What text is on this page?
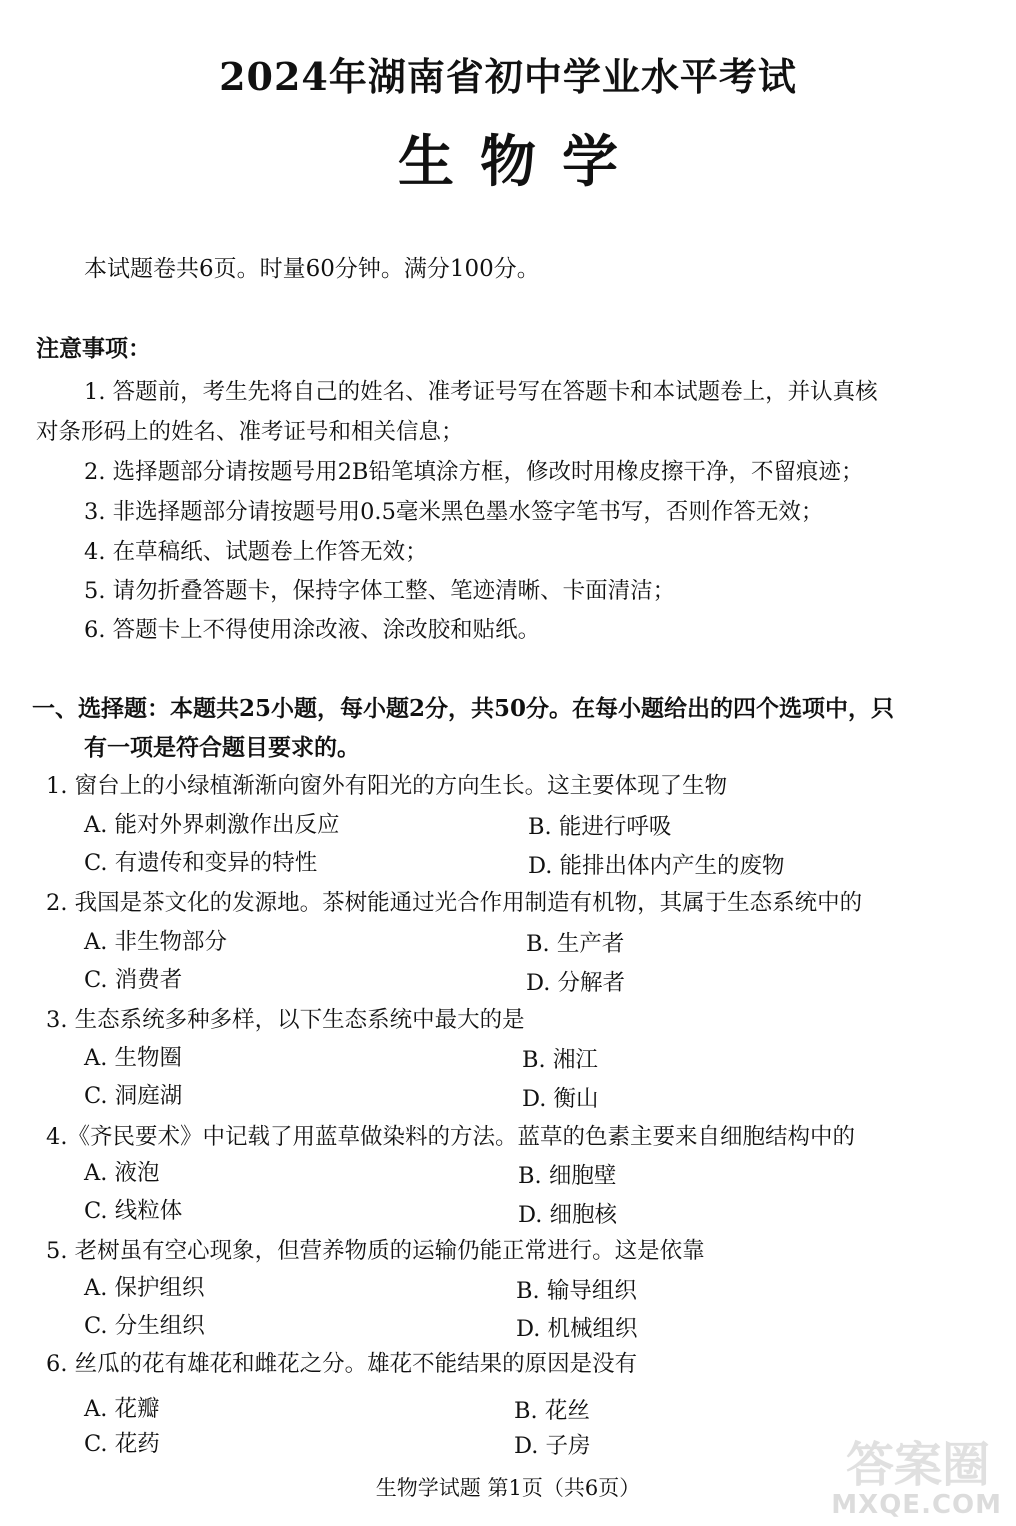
2024年湖南省初中学业水平考试
生物学
本试题卷共6页。时量60分钟。满分100分。
注意事项：
1. 答题前，考生先将自己的姓名、准考证号写在答题卡和本试题卷上，并认真核
对条形码上的姓名、准考证号和相关信息；
2. 选择题部分请按题号用2B铅笔填涂方框，修改时用橡皮擦干净，不留痕迹；
3. 非选择题部分请按题号用0.5毫米黑色墨水签字笔书写，否则作答无效；
4. 在草稿纸、试题卷上作答无效；
5. 请勿折叠答题卡，保持字体工整、笔迹清晰、卡面清洁；
6. 答题卡上不得使用涂改液、涂改胶和贴纸。
一、选择题：本题共25小题，每小题2分，共50分。在每小题给出的四个选项中，只
有一项是符合题目要求的。
1. 窗台上的小绿植渐渐向窗外有阳光的方向生长。这主要体现了生物
A. 能对外界刺激作出反应	B. 能进行呼吸
C. 有遗传和变异的特性	D. 能排出体内产生的废物
2. 我国是茶文化的发源地。茶树能通过光合作用制造有机物，其属于生态系统中的
A. 非生物部分	B. 生产者
C. 消费者	D. 分解者
3. 生态系统多种多样，以下生态系统中最大的是
A. 生物圈	B. 湘江
C. 洞庭湖	D. 衡山
4.《齐民要术》中记载了用蓝草做染料的方法。蓝草的色素主要来自细胞结构中的
A. 液泡	B. 细胞壁
C. 线粒体	D. 细胞核
5. 老树虽有空心现象，但营养物质的运输仍能正常进行。这是依靠
A. 保护组织	B. 输导组织
C. 分生组织	D. 机械组织
6. 丝瓜的花有雄花和雌花之分。雄花不能结果的原因是没有
A. 花瓣	B. 花丝
C. 花药	D. 子房
生物学试题 第1页（共6页）	答案圈
MXQE.COM
